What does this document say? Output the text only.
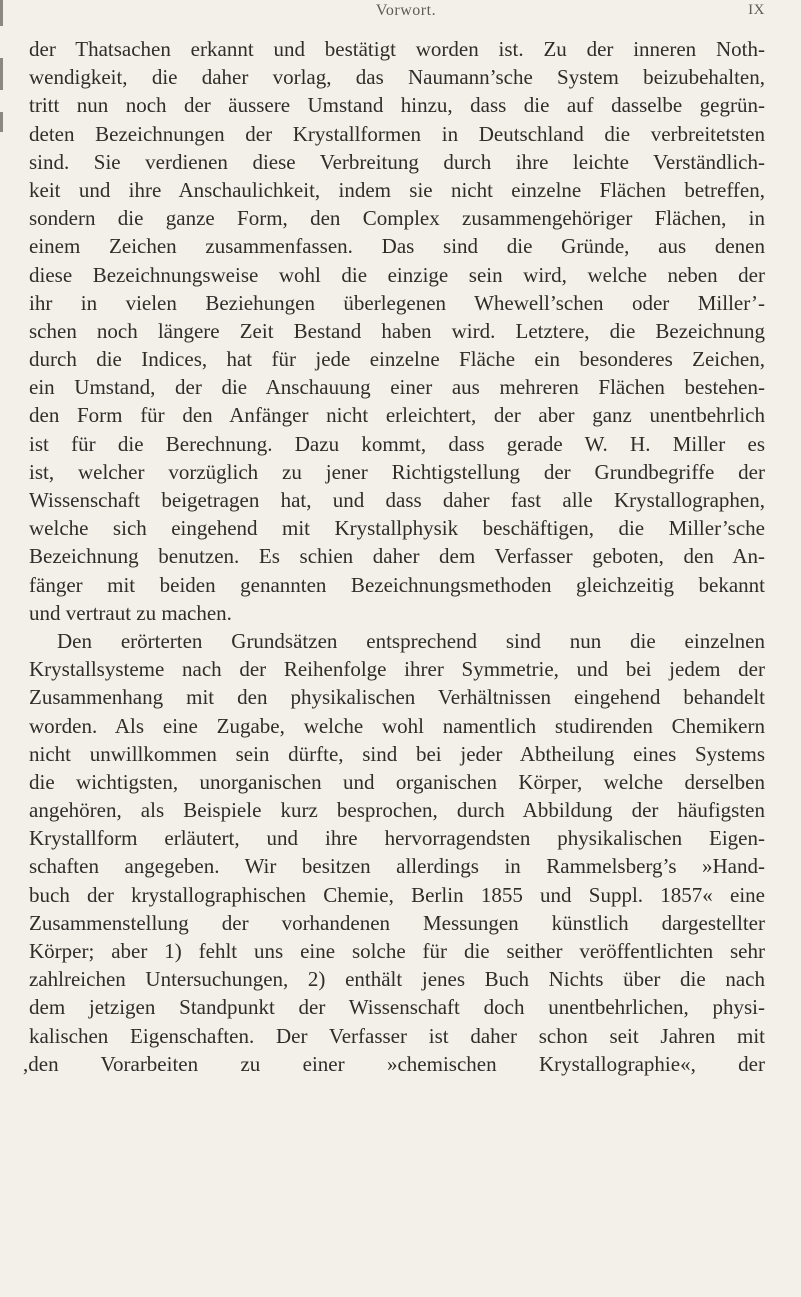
Vorwort.	IX
der Thatsachen erkannt und bestätigt worden ist. Zu der inneren Noth-
wendigkeit, die daher vorlag, das Naumann’sche System beizubehalten,
tritt nun noch der äussere Umstand hinzu, dass die auf dasselbe gegrün-
deten Bezeichnungen der Krystallformen in Deutschland die verbreitetsten
sind. Sie verdienen diese Verbreitung durch ihre leichte Verständlich-
keit und ihre Anschaulichkeit, indem sie nicht einzelne Flächen betreffen,
sondern die ganze Form, den Complex zusammengehöriger Flächen, in
einem Zeichen zusammenfassen. Das sind die Gründe, aus denen
diese Bezeichnungsweise wohl die einzige sein wird, welche neben der
ihr in vielen Beziehungen überlegenen Whewell’schen oder Miller’-
schen noch längere Zeit Bestand haben wird. Letztere, die Bezeichnung
durch die Indices, hat für jede einzelne Fläche ein besonderes Zeichen,
ein Umstand, der die Anschauung einer aus mehreren Flächen bestehen-
den Form für den Anfänger nicht erleichtert, der aber ganz unentbehrlich
ist für die Berechnung. Dazu kommt, dass gerade W. H. Miller es
ist, welcher vorzüglich zu jener Richtigstellung der Grundbegriffe der
Wissenschaft beigetragen hat, und dass daher fast alle Krystallographen,
welche sich eingehend mit Krystallphysik beschäftigen, die Miller’sche
Bezeichnung benutzen. Es schien daher dem Verfasser geboten, den An-
fänger mit beiden genannten Bezeichnungsmethoden gleichzeitig bekannt
und vertraut zu machen.
Den erörterten Grundsätzen entsprechend sind nun die einzelnen
Krystallsysteme nach der Reihenfolge ihrer Symmetrie, und bei jedem der
Zusammenhang mit den physikalischen Verhältnissen eingehend behandelt
worden. Als eine Zugabe, welche wohl namentlich studirenden Chemikern
nicht unwillkommen sein dürfte, sind bei jeder Abtheilung eines Systems
die wichtigsten, unorganischen und organischen Körper, welche derselben
angehören, als Beispiele kurz besprochen, durch Abbildung der häufigsten
Krystallform erläutert, und ihre hervorragendsten physikalischen Eigen-
schaften angegeben. Wir besitzen allerdings in Rammelsberg’s »Hand-
buch der krystallographischen Chemie, Berlin 1855 und Suppl. 1857« eine
Zusammenstellung der vorhandenen Messungen künstlich dargestellter
Körper; aber 1) fehlt uns eine solche für die seither veröffentlichten sehr
zahlreichen Untersuchungen, 2) enthält jenes Buch Nichts über die nach
dem jetzigen Standpunkt der Wissenschaft doch unentbehrlichen, physi-
kalischen Eigenschaften. Der Verfasser ist daher schon seit Jahren mit
,den Vorarbeiten zu einer »chemischen Krystallographie«, der
